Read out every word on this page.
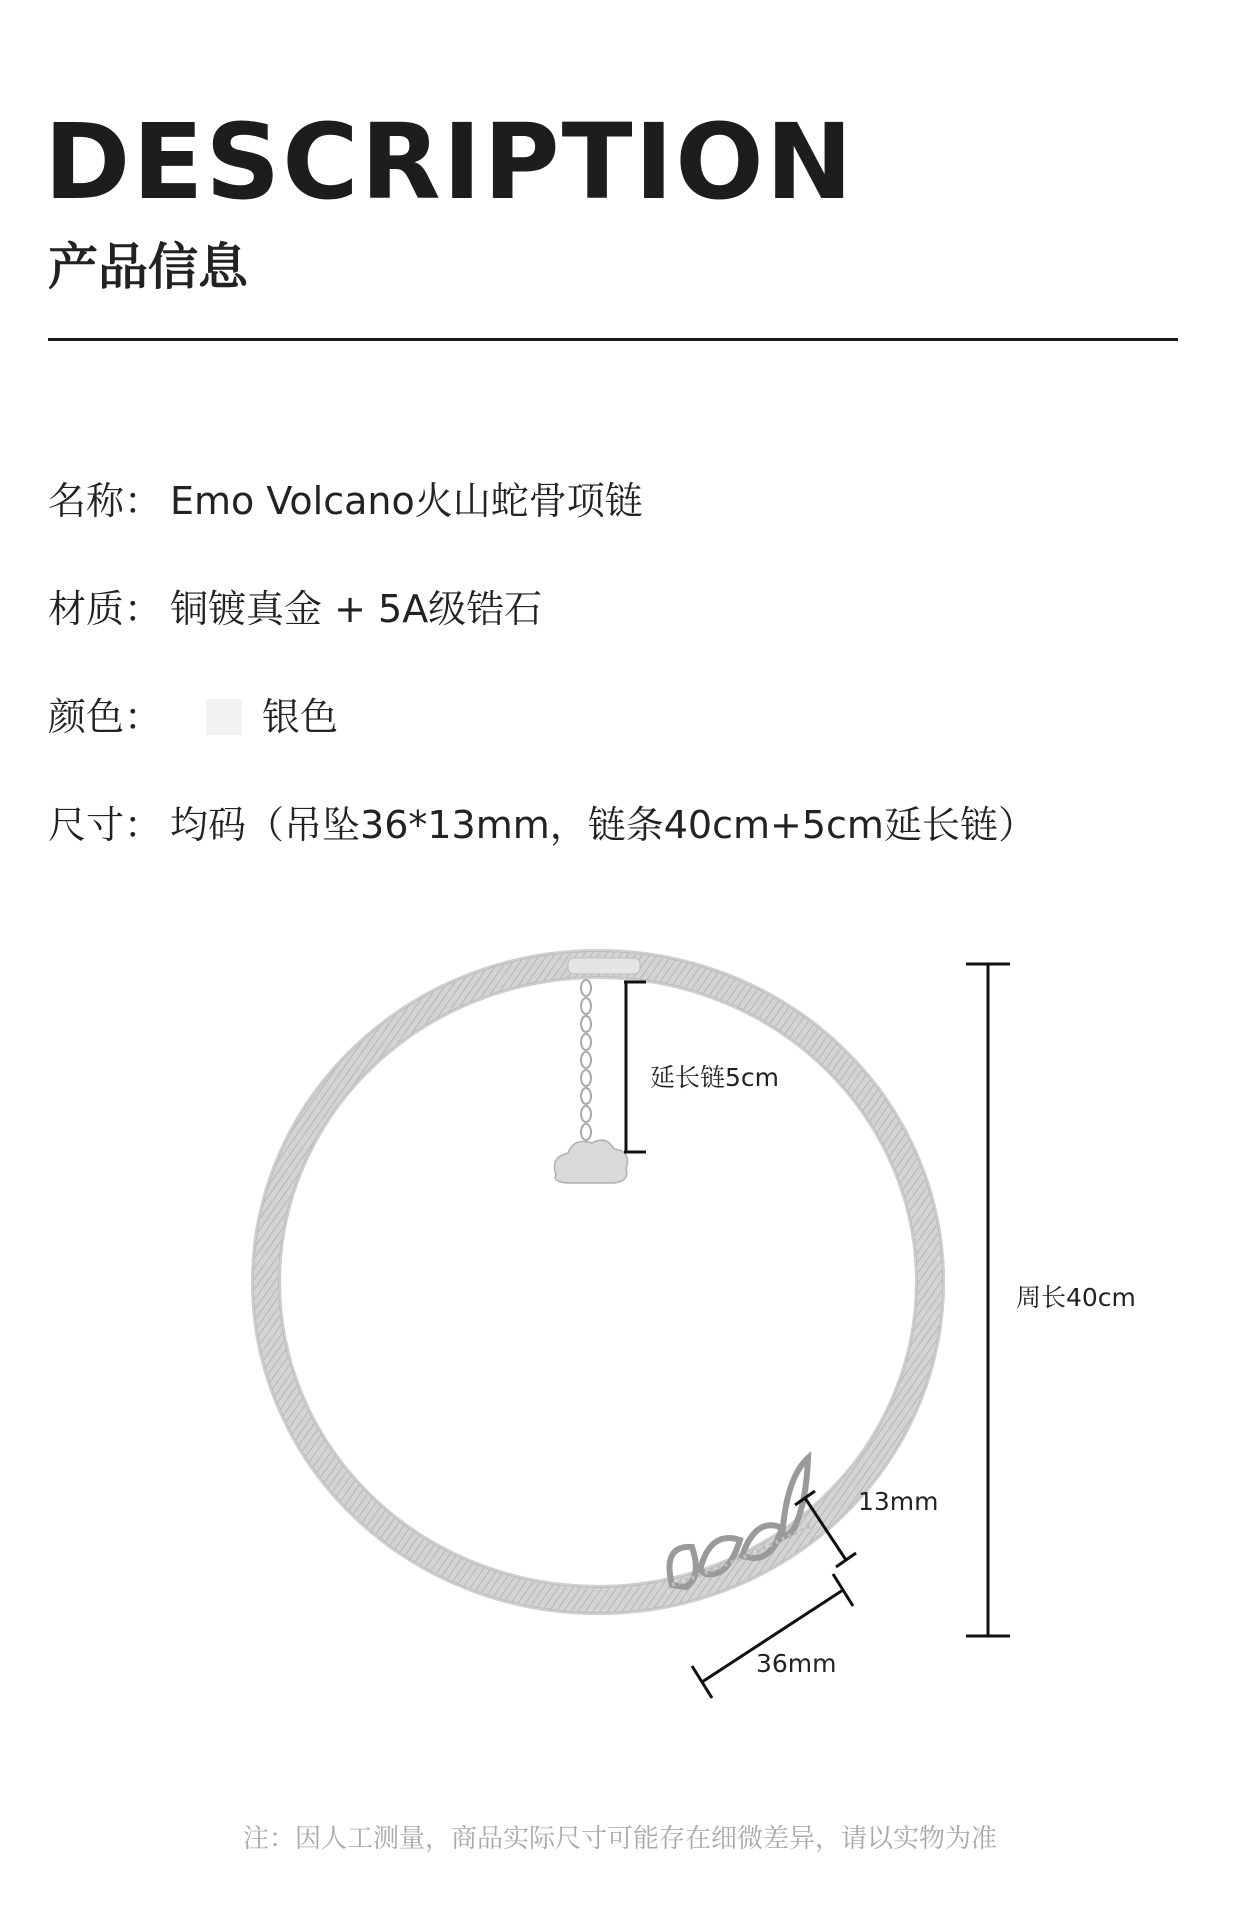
DESCRIPTION
产品信息
名称： Emo Volcano火山蛇骨项链
材质： 铜镀真金 + 5A级锆石
颜色：	银色
尺寸： 均码（吊坠36*13mm，链条40cm+5cm延长链）
延长链5cm
周长40cm
13mm
36mm
注：因人工测量，商品实际尺寸可能存在细微差异，请以实物为准
